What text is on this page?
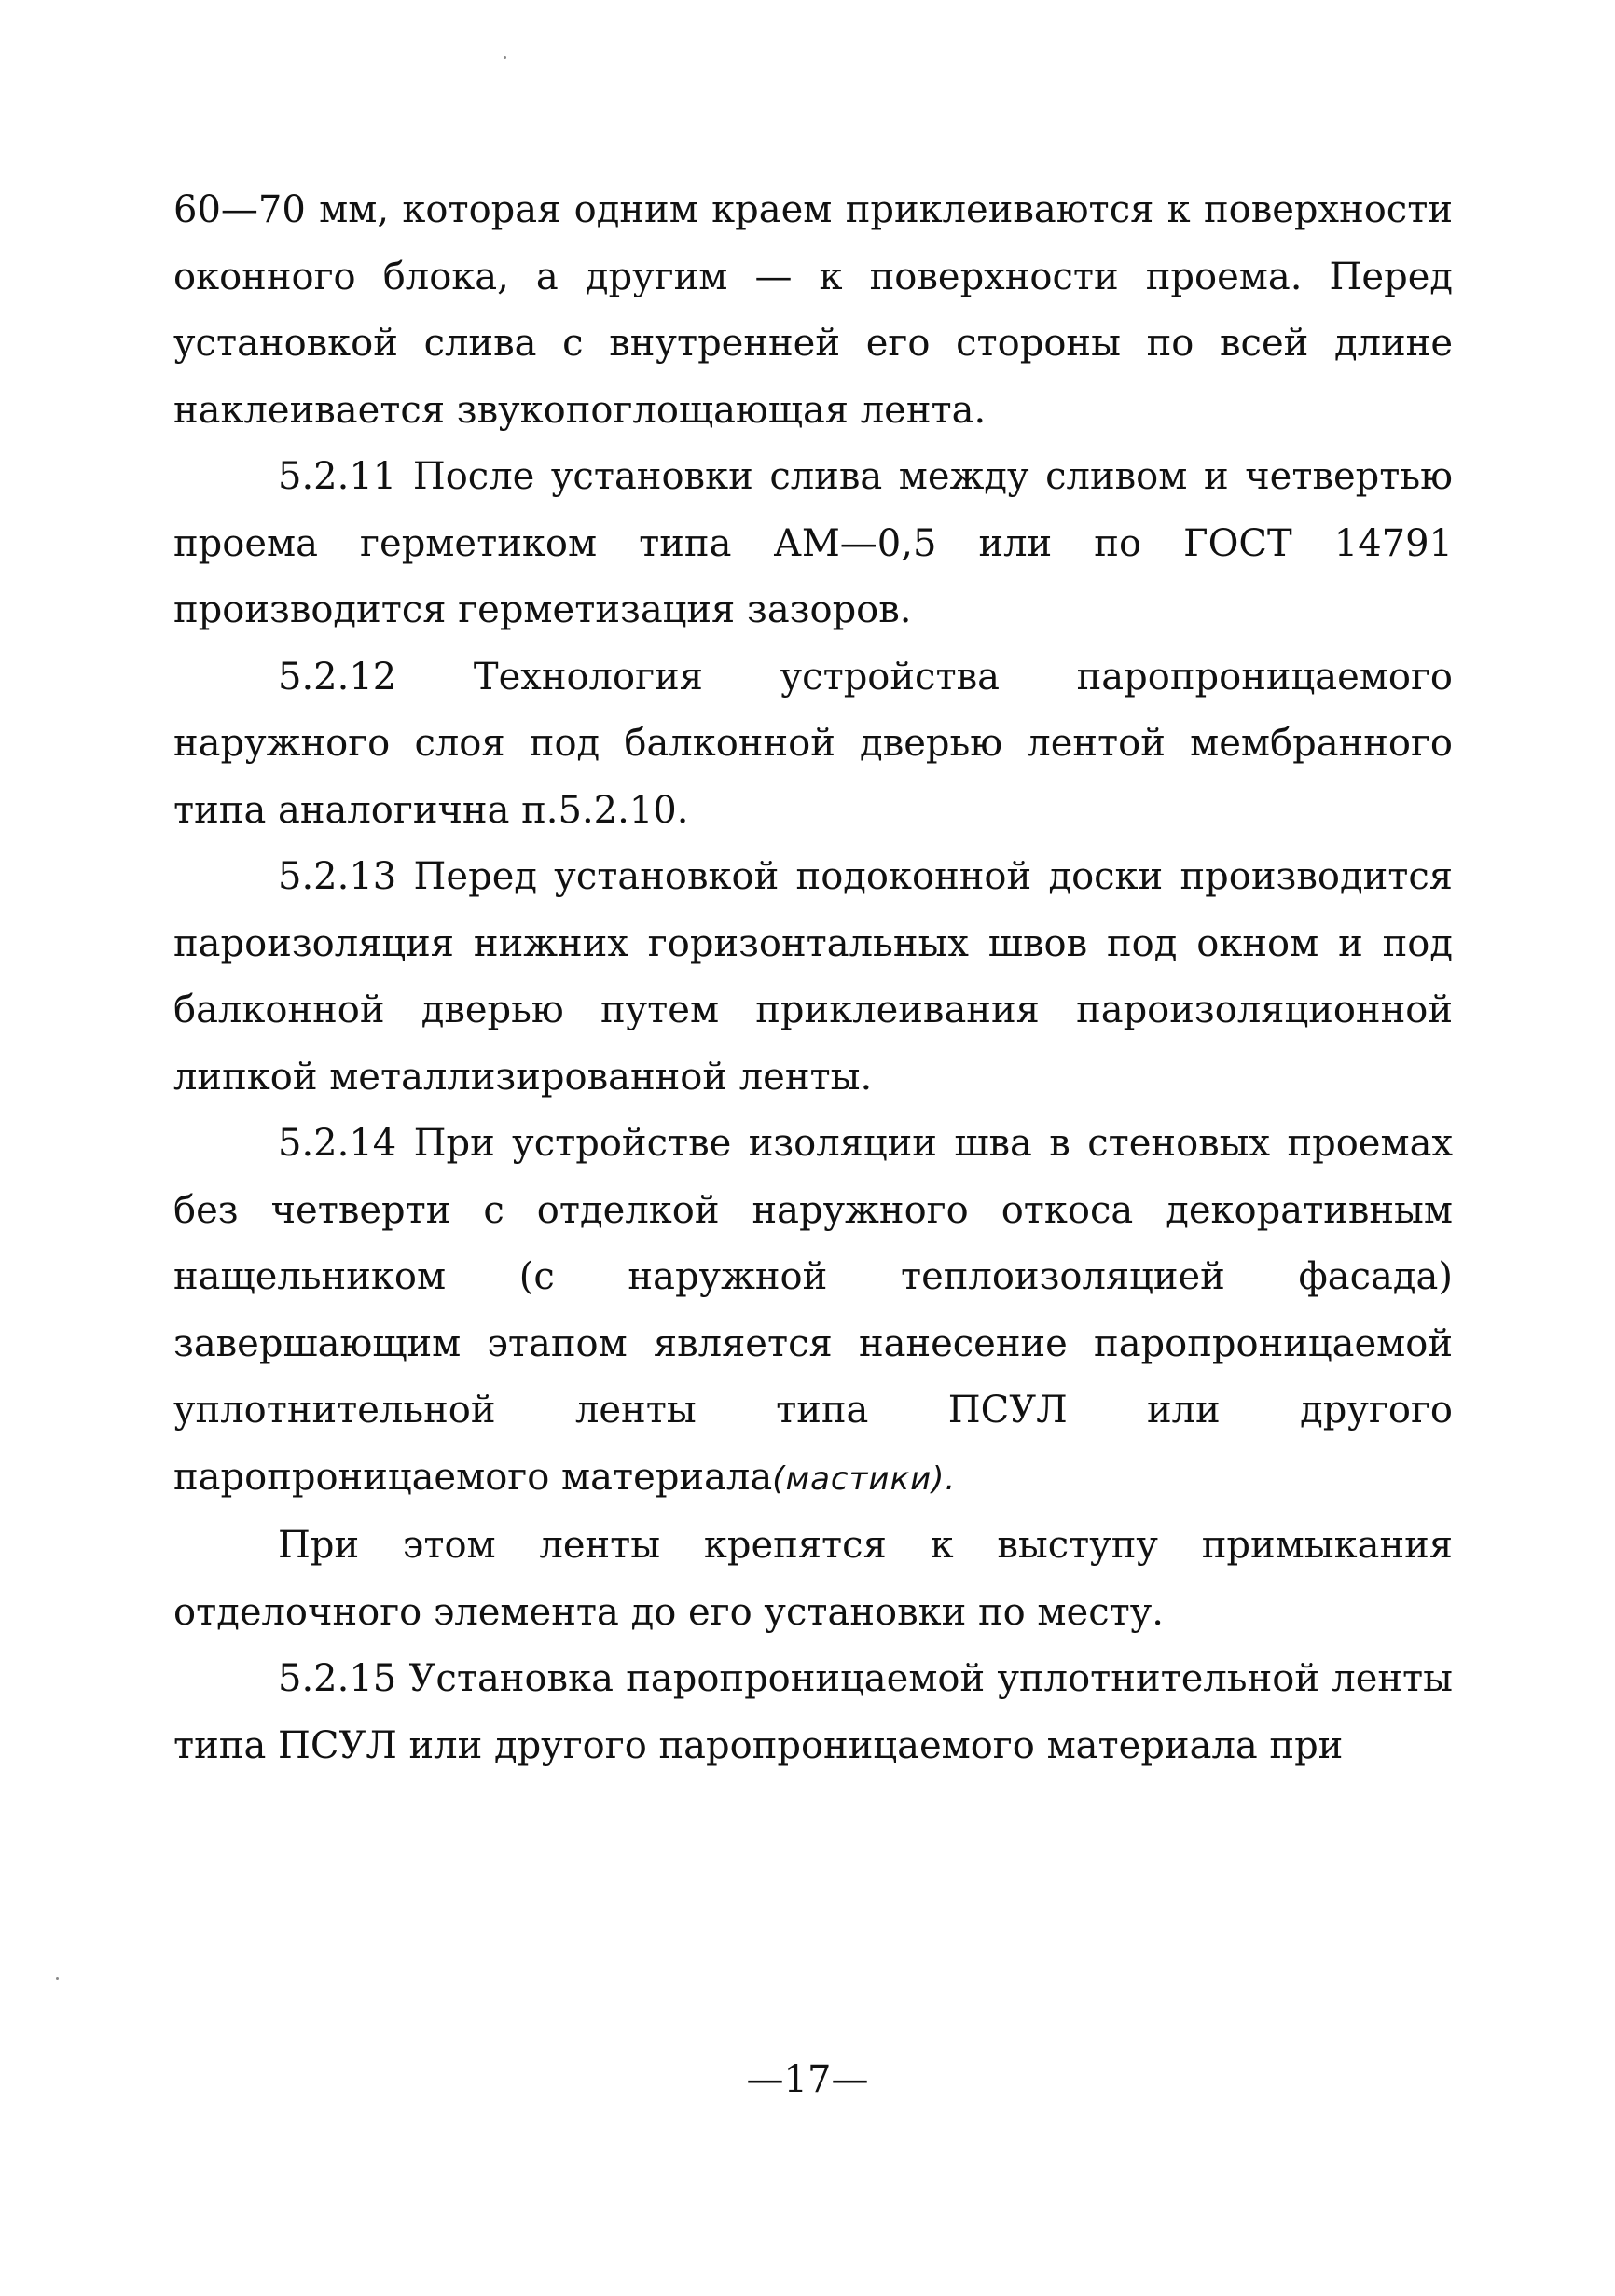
60—70 мм, которая одним краем приклеиваются к поверхности оконного блока, а другим — к поверхности проема. Перед установкой слива с внутренней его стороны по всей длине наклеивается звукопоглощающая лента.

5.2.11 После установки слива между сливом и четвертью проема герметиком типа АМ—0,5 или по ГОСТ 14791 производится герметизация зазоров.

5.2.12 Технология устройства паропроницаемого наружного слоя под балконной дверью лентой мембранного типа аналогична п.5.2.10.

5.2.13 Перед установкой подоконной доски производится пароизоляция нижних горизонтальных швов под окном и под балконной дверью путем приклеивания пароизоляционной липкой металлизированной ленты.

5.2.14 При устройстве изоляции шва в стеновых проемах без четверти с отделкой наружного откоса декоративным нащельником (с наружной теплоизоляцией фасада) завершающим этапом является нанесение паропроницаемой уплотнительной ленты типа ПСУЛ или другого паропроницаемого материала(мастики).

При этом ленты крепятся к выступу примыкания отделочного элемента до его установки по месту.

5.2.15 Установка паропроницаемой уплотнительной ленты типа ПСУЛ или другого паропроницаемого материала при

—17—
